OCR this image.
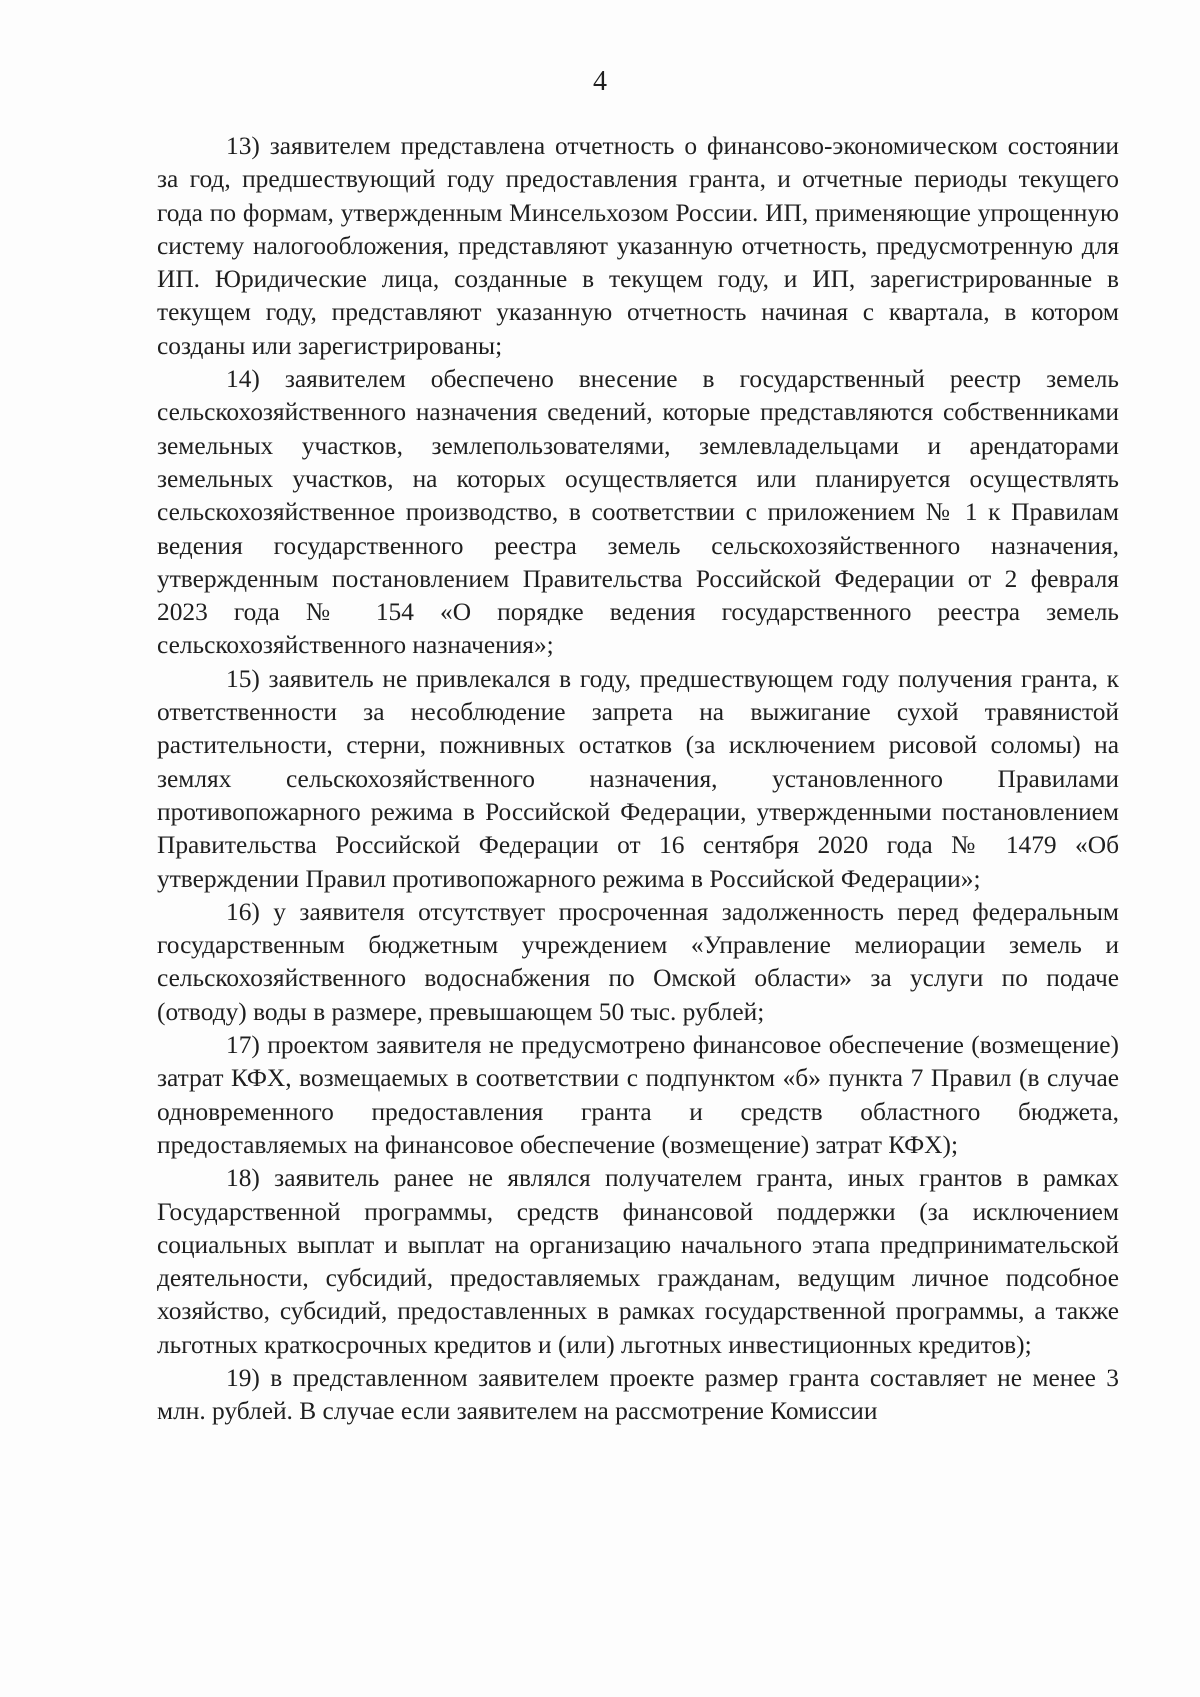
4

13) заявителем представлена отчетность о финансово-экономическом состоянии за год, предшествующий году предоставления гранта, и отчетные периоды текущего года по формам, утвержденным Минсельхозом России. ИП, применяющие упрощенную систему налогообложения, представляют указанную отчетность, предусмотренную для ИП. Юридические лица, созданные в текущем году, и ИП, зарегистрированные в текущем году, представляют указанную отчетность начиная с квартала, в котором созданы или зарегистрированы;

14) заявителем обеспечено внесение в государственный реестр земель сельскохозяйственного назначения сведений, которые представляются собственниками земельных участков, землепользователями, землевладельцами и арендаторами земельных участков, на которых осуществляется или планируется осуществлять сельскохозяйственное производство, в соответствии с приложением № 1 к Правилам ведения государственного реестра земель сельскохозяйственного назначения, утвержденным постановлением Правительства Российской Федерации от 2 февраля 2023 года № 154 «О порядке ведения государственного реестра земель сельскохозяйственного назначения»;

15) заявитель не привлекался в году, предшествующем году получения гранта, к ответственности за несоблюдение запрета на выжигание сухой травянистой растительности, стерни, пожнивных остатков (за исключением рисовой соломы) на землях сельскохозяйственного назначения, установленного Правилами противопожарного режима в Российской Федерации, утвержденными постановлением Правительства Российской Федерации от 16 сентября 2020 года № 1479 «Об утверждении Правил противопожарного режима в Российской Федерации»;

16) у заявителя отсутствует просроченная задолженность перед федеральным государственным бюджетным учреждением «Управление мелиорации земель и сельскохозяйственного водоснабжения по Омской области» за услуги по подаче (отводу) воды в размере, превышающем 50 тыс. рублей;

17) проектом заявителя не предусмотрено финансовое обеспечение (возмещение) затрат КФХ, возмещаемых в соответствии с подпунктом «б» пункта 7 Правил (в случае одновременного предоставления гранта и средств областного бюджета, предоставляемых на финансовое обеспечение (возмещение) затрат КФХ);

18) заявитель ранее не являлся получателем гранта, иных грантов в рамках Государственной программы, средств финансовой поддержки (за исключением социальных выплат и выплат на организацию начального этапа предпринимательской деятельности, субсидий, предоставляемых гражданам, ведущим личное подсобное хозяйство, субсидий, предоставленных в рамках государственной программы, а также льготных краткосрочных кредитов и (или) льготных инвестиционных кредитов);

19) в представленном заявителем проекте размер гранта составляет не менее 3 млн. рублей. В случае если заявителем на рассмотрение Комиссии
